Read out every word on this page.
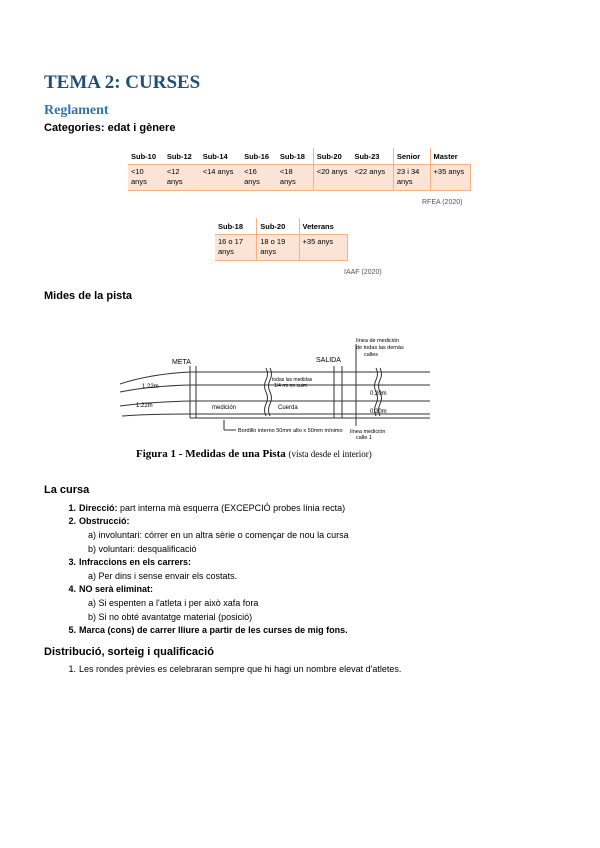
TEMA 2: CURSES
Reglament
Categories: edat i gènere
Sub-10	Sub-12	Sub-14	Sub-16	Sub-18	Sub-20	Sub-23	Senior	Master
<10 anys	<12 anys	<14 anys	<16 anys	<18 anys	<20 anys	<22 anys	23 i 34 anys	+35 anys
RFEA (2020)
Sub-18	Sub-20	Veterans
16 o 17 anys	18 o 19 anys	+35 anys
IAAF (2020)
Mides de la pista
META	SALIDA
línea de medición
de todas las demás
calles
1.22m
1.22m	medición
todas las medidas
1/4 rm nn cuim
Cuerda
0.20m
0.30m
Bordillo interno 50mm alto x 50mm mínimo línea medición
calle 1
Figura 1 - Medidas de una Pista (vista desde el interior)
La cursa
1. Direcció: part interna mà esquerra (EXCEPCIÓ probes línia recta)
2. Obstrucció:
a) involuntari: córrer en un altra sèrie o començar de nou la cursa
b) voluntari: desqualificació
3. Infraccions en els carrers:
a) Per dins i sense envair els costats.
4. NO serà eliminat:
a) Si espenten a l'atleta i per això xafa fora
b) Si no obté avantatge material (posició)
5. Marca (cons) de carrer lliure a partir de les curses de mig fons.
Distribució, sorteig i qualificació
1. Les rondes prèvies es celebraran sempre que hi hagi un nombre elevat d'atletes.
